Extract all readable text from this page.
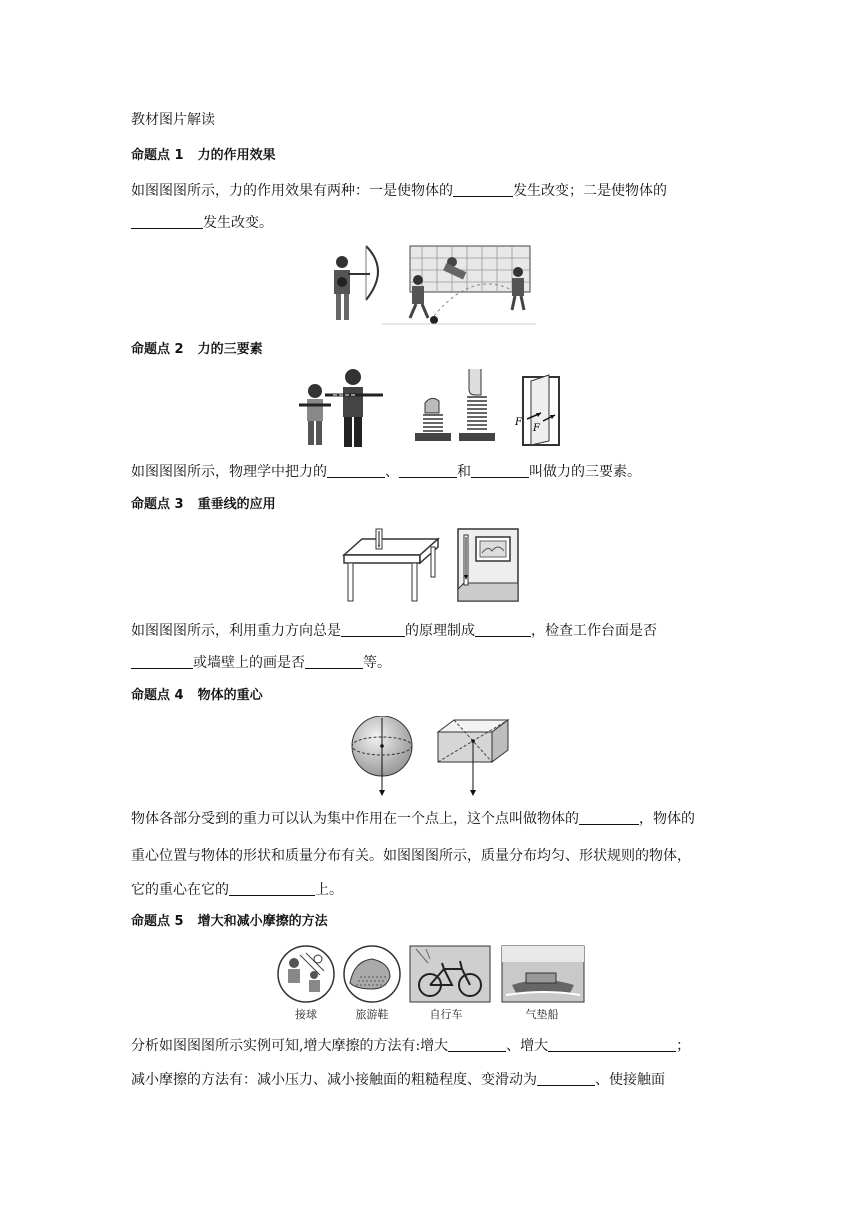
教材图片解读
命题点 1 力的作用效果
如图图图所示，力的作用效果有两种：一是使物体的	发生改变；二是使物体的
发生改变。
命题点 2 力的三要素
F
F
如图图图所示，物理学中把力的	、	和	叫做力的三要素。
命题点 3 重垂线的应用
如图图图所示，利用重力方向总是	的原理制成	，检查工作台面是否
或墙壁上的画是否	等。
命题点 4 物体的重心
物体各部分受到的重力可以认为集中作用在一个点上，这个点叫做物体的	，物体的
重心位置与物体的形状和质量分布有关。如图图图所示，质量分布均匀、形状规则的物体，
它的重心在它的	上。
命题点 5 增大和减小摩擦的方法
接球	旅游鞋	自行车	气垫船
分析如图图图所示实例可知,增大摩擦的方法有:增大	、增大	；
减小摩擦的方法有：减小压力、减小接触面的粗糙程度、变滑动为	、使接触面
